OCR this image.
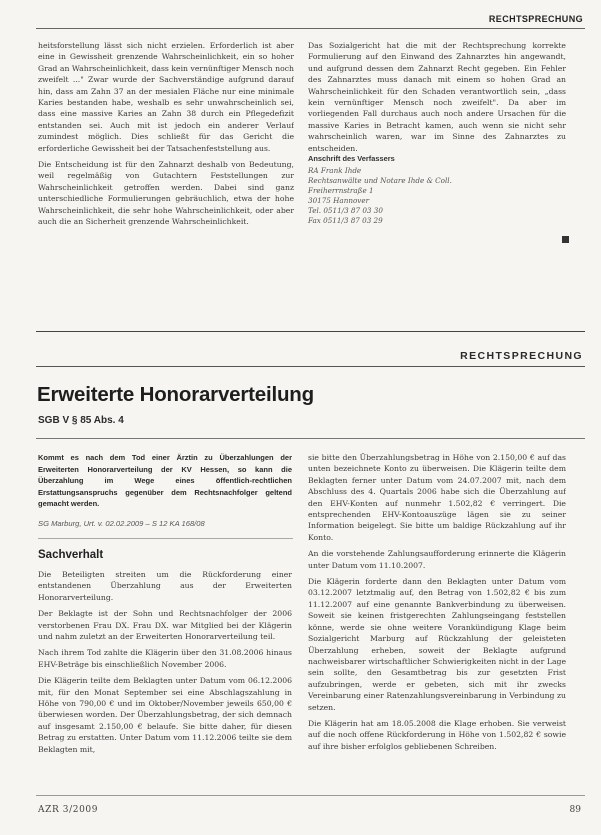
RECHTSPRECHUNG

heitsforstellung lässt sich nicht erzielen. Erforderlich ist aber eine in Gewissheit grenzende Wahrscheinlichkeit, ein so hoher Grad an Wahrscheinlichkeit, dass kein vernünftiger Mensch noch zweifelt ..." Zwar wurde der Sachverständige aufgrund darauf hin, dass am Zahn 37 an der mesialen Fläche nur eine minimale Karies bestanden habe, weshalb es sehr unwahrscheinlich sei, dass eine massive Karies an Zahn 38 durch ein Pflegedefizit entstanden sei. Auch mit ist jedoch ein anderer Verlauf zumindest möglich. Dies schließt für das Gericht die erforderliche Gewissheit bei der Tatsachenfeststellung aus.

Die Entscheidung ist für den Zahnarzt deshalb von Bedeutung, weil regelmäßig von Gutachtern Feststellungen zur Wahrscheinlichkeit getroffen werden. Dabei sind ganz unterschiedliche Formulierungen gebräuchlich, etwa der hohe Wahrscheinlichkeit, die sehr hohe Wahrscheinlichkeit, oder aber auch die an Sicherheit grenzende Wahrscheinlichkeit.

Das Sozialgericht hat die mit der Rechtsprechung korrekte Formulierung auf den Einwand des Zahnarztes hin angewandt, und aufgrund dessen dem Zahnarzt Recht gegeben. Ein Fehler des Zahnarztes muss danach mit einem so hohen Grad an Wahrscheinlichkeit für den Schaden verantwortlich sein, „dass kein vernünftiger Mensch noch zweifelt". Da aber im vorliegenden Fall durchaus auch noch andere Ursachen für die massive Karies in Betracht kamen, auch wenn sie nicht sehr wahrscheinlich waren, war im Sinne des Zahnarztes zu entscheiden.

Anschrift des Verfassers
RA Frank Ihde
Rechtsanwälte und Notare Ihde & Coll.
Freiherrnstraße 1
30175 Hannover
Tel. 0511/3 87 03 30
Fax 0511/3 87 03 29
RECHTSPRECHUNG
Erweiterte Honorarverteilung
SGB V § 85 Abs. 4
Kommt es nach dem Tod einer Ärztin zu Überzahlungen der Erweiterten Honorarverteilung der KV Hessen, so kann die Überzahlung im Wege eines öffentlich-rechtlichen Erstattungsanspruchs gegenüber dem Rechtsnachfolger geltend gemacht werden.
SG Marburg, Urt. v. 02.02.2009 – S 12 KA 168/08
Sachverhalt

Die Beteiligten streiten um die Rückforderung einer entstandenen Überzahlung aus der Erweiterten Honorarverteilung.

Der Beklagte ist der Sohn und Rechtsnachfolger der 2006 verstorbenen Frau DX. Frau DX. war Mitglied bei der Klägerin und nahm zuletzt an der Erweiterten Honorarverteilung teil.

Nach ihrem Tod zahlte die Klägerin über den 31.08.2006 hinaus EHV-Beträge bis einschließlich November 2006.

Die Klägerin teilte dem Beklagten unter Datum vom 06.12.2006 mit, für den Monat September sei eine Abschlagszahlung in Höhe von 790,00 € und im Oktober/November jeweils 650,00 € überwiesen worden. Der Überzahlungsbetrag, der sich demnach auf insgesamt 2.150,00 € belaufe. Sie bitte daher, für diesen Betrag zu erstatten. Unter Datum vom 11.12.2006 teilte sie dem Beklagten mit,

sie bitte den Überzahlungsbetrag in Höhe von 2.150,00 € auf das unten bezeichnete Konto zu überweisen. Die Klägerin teilte dem Beklagten ferner unter Datum vom 24.07.2007 mit, nach dem Abschluss des 4. Quartals 2006 habe sich die Überzahlung auf den EHV-Konten auf nunmehr 1.502,82 € verringert. Die entsprechenden EHV-Kontoauszüge lägen sie zu seiner Information beigelegt. Sie bitte um baldige Rückzahlung auf ihr Konto.

An die vorstehende Zahlungsaufforderung erinnerte die Klägerin unter Datum vom 11.10.2007.

Die Klägerin forderte dann den Beklagten unter Datum vom 03.12.2007 letztmalig auf, den Betrag von 1.502,82 € bis zum 11.12.2007 auf eine genannte Bankverbindung zu überweisen. Soweit sie keinen fristgerechten Zahlungseingang feststellen könne, werde sie ohne weitere Vorankündigung Klage beim Sozialgericht Marburg auf Rückzahlung der geleisteten Überzahlung erheben, soweit der Beklagte aufgrund nachweisbarer wirtschaftlicher Schwierigkeiten nicht in der Lage sein sollte, den Gesamtbetrag bis zur gesetzten Frist aufzubringen, werde er gebeten, sich mit ihr zwecks Vereinbarung einer Ratenzahlungsvereinbarung in Verbindung zu setzen.

Die Klägerin hat am 18.05.2008 die Klage erhoben. Sie verweist auf die noch offene Rückforderung in Höhe von 1.502,82 € sowie auf ihre bisher erfolglos gebliebenen Schreiben.

AZR 3/2009	89
